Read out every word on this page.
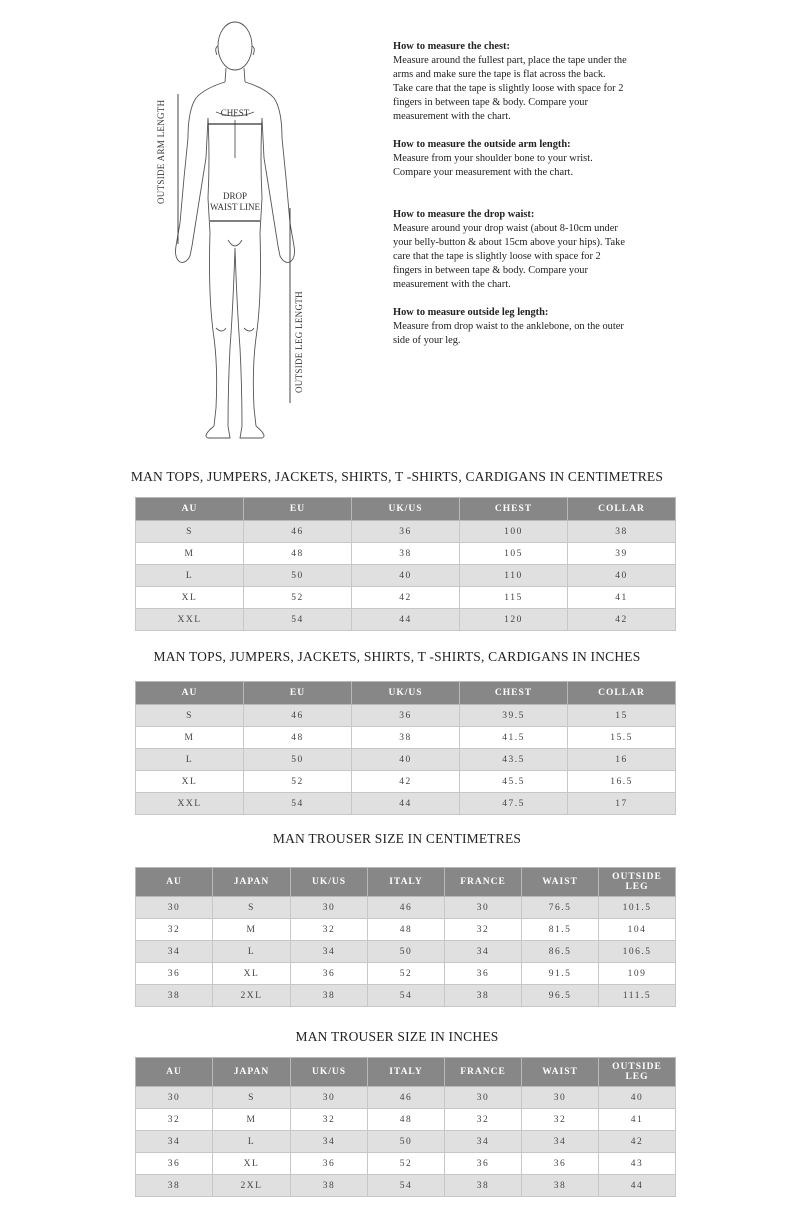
OUTSIDE ARM LENGTH	CHEST
DROP
WAIST LINE
OUTSIDE LEG LENGTH
How to measure the chest:
Measure around the fullest part, place the tape under the arms and make sure the tape is flat across the back. Take care that the tape is slightly loose with space for 2 fingers in between tape & body. Compare your measurement with the chart.
How to measure the outside arm length:
Measure from your shoulder bone to your wrist. Compare your measurement with the chart.
How to measure the drop waist:
Measure around your drop waist (about 8-10cm under your belly-button & about 15cm above your hips). Take care that the tape is slightly loose with space for 2 fingers in between tape & body. Compare your measurement with the chart.
How to measure outside leg length:
Measure from drop waist to the anklebone, on the outer side of your leg.
MAN TOPS, JUMPERS, JACKETS, SHIRTS, T -SHIRTS, CARDIGANS IN CENTIMETRES
AU	EU	UK/US	CHEST	COLLAR
S	46	36	100	38
M	48	38	105	39
L	50	40	110	40
XL	52	42	115	41
XXL	54	44	120	42
MAN TOPS, JUMPERS, JACKETS, SHIRTS, T -SHIRTS, CARDIGANS IN INCHES
AU	EU	UK/US	CHEST	COLLAR
S	46	36	39.5	15
M	48	38	41.5	15.5
L	50	40	43.5	16
XL	52	42	45.5	16.5
XXL	54	44	47.5	17
MAN TROUSER SIZE IN CENTIMETRES
AU	JAPAN	UK/US	ITALY	FRANCE	WAIST	OUTSIDE LEG
30	S	30	46	30	76.5	101.5
32	M	32	48	32	81.5	104
34	L	34	50	34	86.5	106.5
36	XL	36	52	36	91.5	109
38	2XL	38	54	38	96.5	111.5
MAN TROUSER SIZE IN INCHES
AU	JAPAN	UK/US	ITALY	FRANCE	WAIST	OUTSIDE LEG
30	S	30	46	30	30	40
32	M	32	48	32	32	41
34	L	34	50	34	34	42
36	XL	36	52	36	36	43
38	2XL	38	54	38	38	44
